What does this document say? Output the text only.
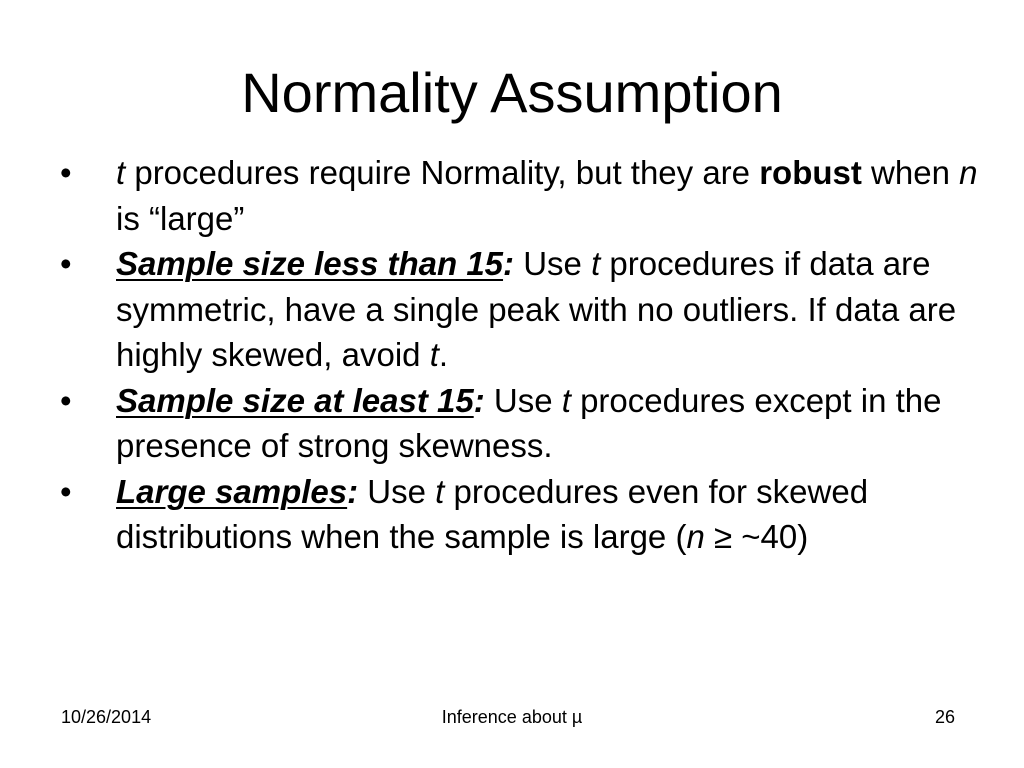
Normality Assumption
•	t procedures require Normality, but they are robust when n is “large”
•	Sample size less than 15: Use t procedures if data are symmetric, have a single peak with no outliers. If data are highly skewed, avoid t.
•	Sample size at least 15: Use t procedures except in the presence of strong skewness.
•	Large samples: Use t procedures even for skewed distributions when the sample is large (n ≥ ~40)
10/26/2014	Inference about µ	26
